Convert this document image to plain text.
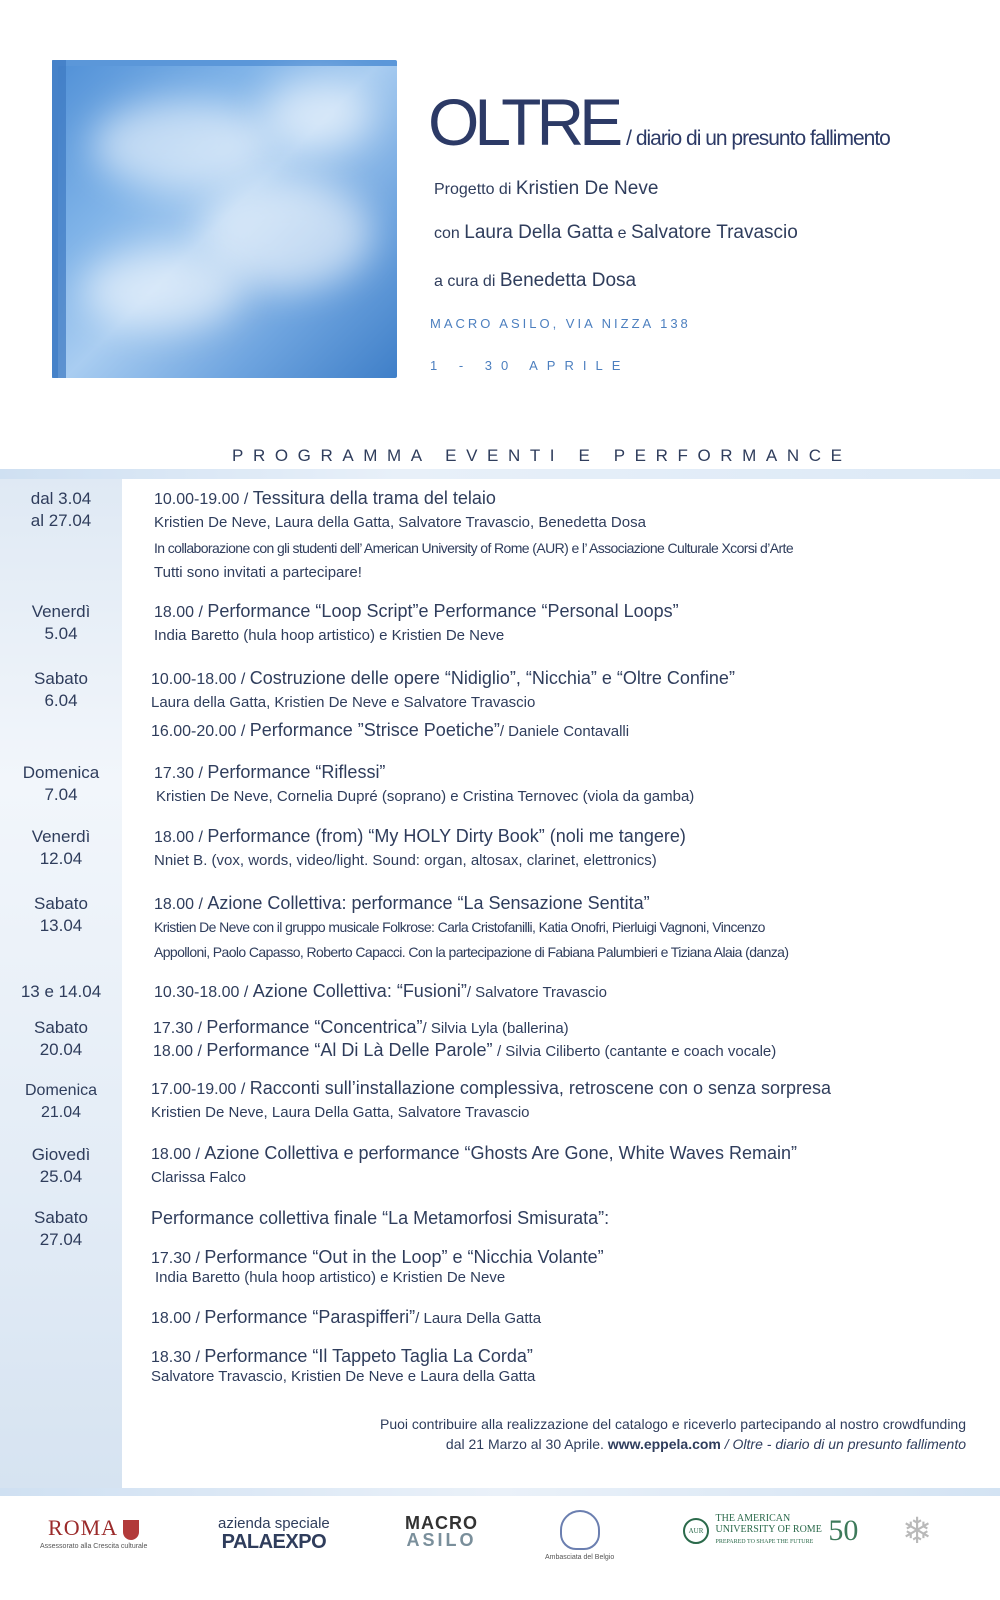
OLTRE / diario di un presunto fallimento
Progetto di Kristien De Neve
con Laura Della Gatta e Salvatore Travascio
a cura di Benedetta Dosa
MACRO ASILO, VIA NIZZA 138
1 - 30 APRILE
PROGRAMMA EVENTI E PERFORMANCE
dal 3.04
al 27.04
Venerdì
5.04
Sabato
6.04
Domenica
7.04
Venerdì
12.04
Sabato
13.04
13 e 14.04
Sabato
20.04
Domenica
21.04
Giovedì
25.04
Sabato
27.04
10.00-19.00 / Tessitura della trama del telaio
Kristien De Neve, Laura della Gatta, Salvatore Travascio, Benedetta Dosa
In collaborazione con gli studenti dell’ American University of Rome (AUR) e l’ Associazione Culturale Xcorsi d’Arte
Tutti sono invitati a partecipare!
18.00 / Performance “Loop Script”e Performance “Personal Loops”
India Baretto (hula hoop artistico) e Kristien De Neve
10.00-18.00 / Costruzione delle opere “Nidiglio”, “Nicchia” e “Oltre Confine”
Laura della Gatta, Kristien De Neve e Salvatore Travascio
16.00-20.00 / Performance ”Strisce Poetiche”/ Daniele Contavalli
17.30 / Performance “Riflessi”
Kristien De Neve, Cornelia Dupré (soprano) e Cristina Ternovec (viola da gamba)
18.00 / Performance (from) “My HOLY Dirty Book” (noli me tangere)
Nniet B. (vox, words, video/light. Sound: organ, altosax, clarinet, elettronics)
18.00 / Azione Collettiva: performance “La Sensazione Sentita”
Kristien De Neve con il gruppo musicale Folkrose: Carla Cristofanilli, Katia Onofri, Pierluigi Vagnoni, Vincenzo
Appolloni, Paolo Capasso, Roberto Capacci. Con la partecipazione di Fabiana Palumbieri e Tiziana Alaia (danza)
10.30-18.00 / Azione Collettiva: “Fusioni”/ Salvatore Travascio
17.30 / Performance “Concentrica”/ Silvia Lyla (ballerina)
18.00 / Performance “Al Di Là Delle Parole” / Silvia Ciliberto (cantante e coach vocale)
17.00-19.00 / Racconti sull’installazione complessiva, retroscene con o senza sorpresa
Kristien De Neve, Laura Della Gatta, Salvatore Travascio
18.00 / Azione Collettiva e performance “Ghosts Are Gone, White Waves Remain”
Clarissa Falco
Performance collettiva finale “La Metamorfosi Smisurata”:
17.30 / Performance “Out in the Loop” e “Nicchia Volante”
India Baretto (hula hoop artistico) e Kristien De Neve
18.00 / Performance “Paraspifferi”/ Laura Della Gatta
18.30 / Performance “Il Tappeto Taglia La Corda”
Salvatore Travascio, Kristien De Neve e Laura della Gatta
Puoi contribuire alla realizzazione del catalogo e riceverlo partecipando al nostro crowdfunding
dal 21 Marzo al 30 Aprile. www.eppela.com / Oltre - diario di un presunto fallimento
ROMA
Assessorato alla Crescita culturale
azienda speciale
PALAEXPO
MACRO
ASILO
Ambasciata del Belgio
AUR THE AMERICAN
UNIVERSITY OF ROME
PREPARED TO SHAPE THE FUTURE 50 ❄
